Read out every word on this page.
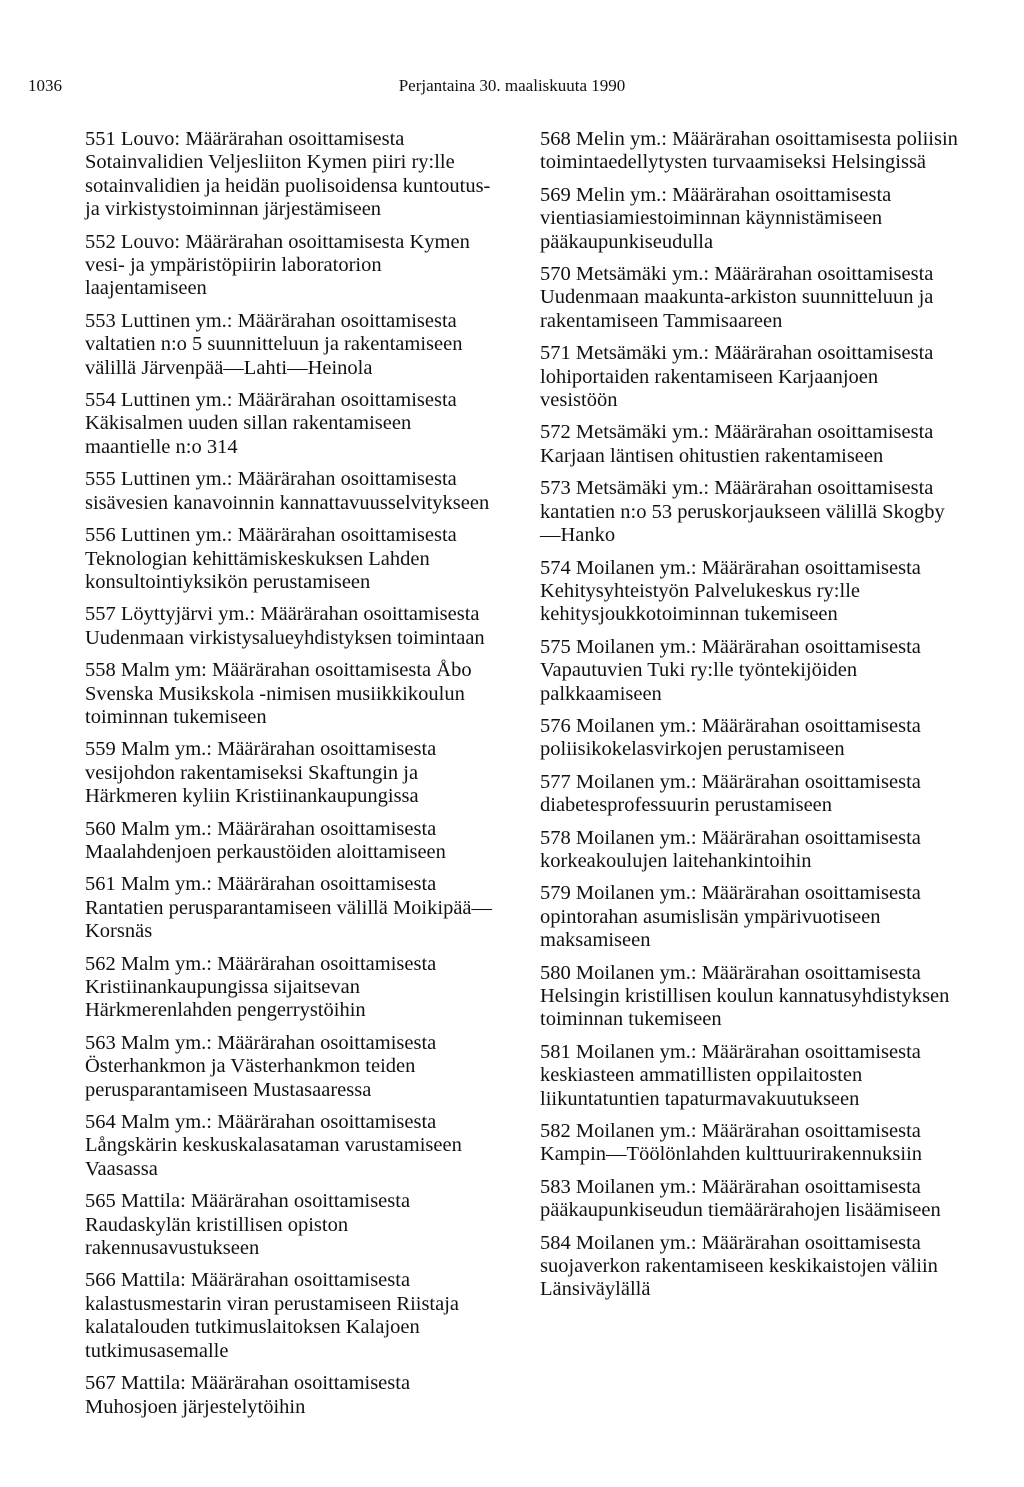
1036	Perjantaina 30. maaliskuuta 1990

551 Louvo: Määrärahan osoittamisesta Sotainvalidien Veljesliiton Kymen piiri ry:lle sotainvalidien ja heidän puolisoidensa kuntoutus- ja virkistystoiminnan järjestämiseen

552 Louvo: Määrärahan osoittamisesta Kymen vesi- ja ympäristöpiirin laboratorion laajentamiseen

553 Luttinen ym.: Määrärahan osoittamisesta valtatien n:o 5 suunnitteluun ja rakentamiseen välillä Järvenpää—Lahti—Heinola

554 Luttinen ym.: Määrärahan osoittamisesta Käkisalmen uuden sillan rakentamiseen maantielle n:o 314

555 Luttinen ym.: Määrärahan osoittamisesta sisävesien kanavoinnin kannattavuusselvitykseen

556 Luttinen ym.: Määrärahan osoittamisesta Teknologian kehittämiskeskuksen Lahden konsultointiyksikön perustamiseen

557 Löyttyjärvi ym.: Määrärahan osoittamisesta Uudenmaan virkistysalueyhdistyksen toimintaan

558 Malm ym: Määrärahan osoittamisesta Åbo Svenska Musikskola -nimisen musiikkikoulun toiminnan tukemiseen

559 Malm ym.: Määrärahan osoittamisesta vesijohdon rakentamiseksi Skaftungin ja Härkmeren kyliin Kristiinankaupungissa

560 Malm ym.: Määrärahan osoittamisesta Maalahdenjoen perkaustöiden aloittamiseen

561 Malm ym.: Määrärahan osoittamisesta Rantatien perusparantamiseen välillä Moikipää—Korsnäs

562 Malm ym.: Määrärahan osoittamisesta Kristiinankaupungissa sijaitsevan Härkmerenlahden pengerrystöihin

563 Malm ym.: Määrärahan osoittamisesta Österhankmon ja Västerhankmon teiden perusparantamiseen Mustasaaressa

564 Malm ym.: Määrärahan osoittamisesta Långskärin keskuskalasataman varustamiseen Vaasassa

565 Mattila: Määrärahan osoittamisesta Raudaskylän kristillisen opiston rakennusavustukseen

566 Mattila: Määrärahan osoittamisesta kalastusmestarin viran perustamiseen Riistaja kalatalouden tutkimuslaitoksen Kalajoen tutkimusasemalle

567 Mattila: Määrärahan osoittamisesta Muhosjoen järjestelytöihin

568 Melin ym.: Määrärahan osoittamisesta poliisin toimintaedellytysten turvaamiseksi Helsingissä

569 Melin ym.: Määrärahan osoittamisesta vientiasiamiestoiminnan käynnistämiseen pääkaupunkiseudulla

570 Metsämäki ym.: Määrärahan osoittamisesta Uudenmaan maakunta-arkiston suunnitteluun ja rakentamiseen Tammisaareen

571 Metsämäki ym.: Määrärahan osoittamisesta lohiportaiden rakentamiseen Karjaanjoen vesistöön

572 Metsämäki ym.: Määrärahan osoittamisesta Karjaan läntisen ohitustien rakentamiseen

573 Metsämäki ym.: Määrärahan osoittamisesta kantatien n:o 53 peruskorjaukseen välillä Skogby—Hanko

574 Moilanen ym.: Määrärahan osoittamisesta Kehitysyhteistyön Palvelukeskus ry:lle kehitysjoukkotoiminnan tukemiseen

575 Moilanen ym.: Määrärahan osoittamisesta Vapautuvien Tuki ry:lle työntekijöiden palkkaamiseen

576 Moilanen ym.: Määrärahan osoittamisesta poliisikokelasvirkojen perustamiseen

577 Moilanen ym.: Määrärahan osoittamisesta diabetesprofessuurin perustamiseen

578 Moilanen ym.: Määrärahan osoittamisesta korkeakoulujen laitehankintoihin

579 Moilanen ym.: Määrärahan osoittamisesta opintorahan asumislisän ympärivuotiseen maksamiseen

580 Moilanen ym.: Määrärahan osoittamisesta Helsingin kristillisen koulun kannatusyhdistyksen toiminnan tukemiseen

581 Moilanen ym.: Määrärahan osoittamisesta keskiasteen ammatillisten oppilaitosten liikuntatuntien tapaturmavakuutukseen

582 Moilanen ym.: Määrärahan osoittamisesta Kampin—Töölönlahden kulttuurirakennuksiin

583 Moilanen ym.: Määrärahan osoittamisesta pääkaupunkiseudun tiemäärärahojen lisäämiseen

584 Moilanen ym.: Määrärahan osoittamisesta suojaverkon rakentamiseen keskikaistojen väliin Länsiväylällä
